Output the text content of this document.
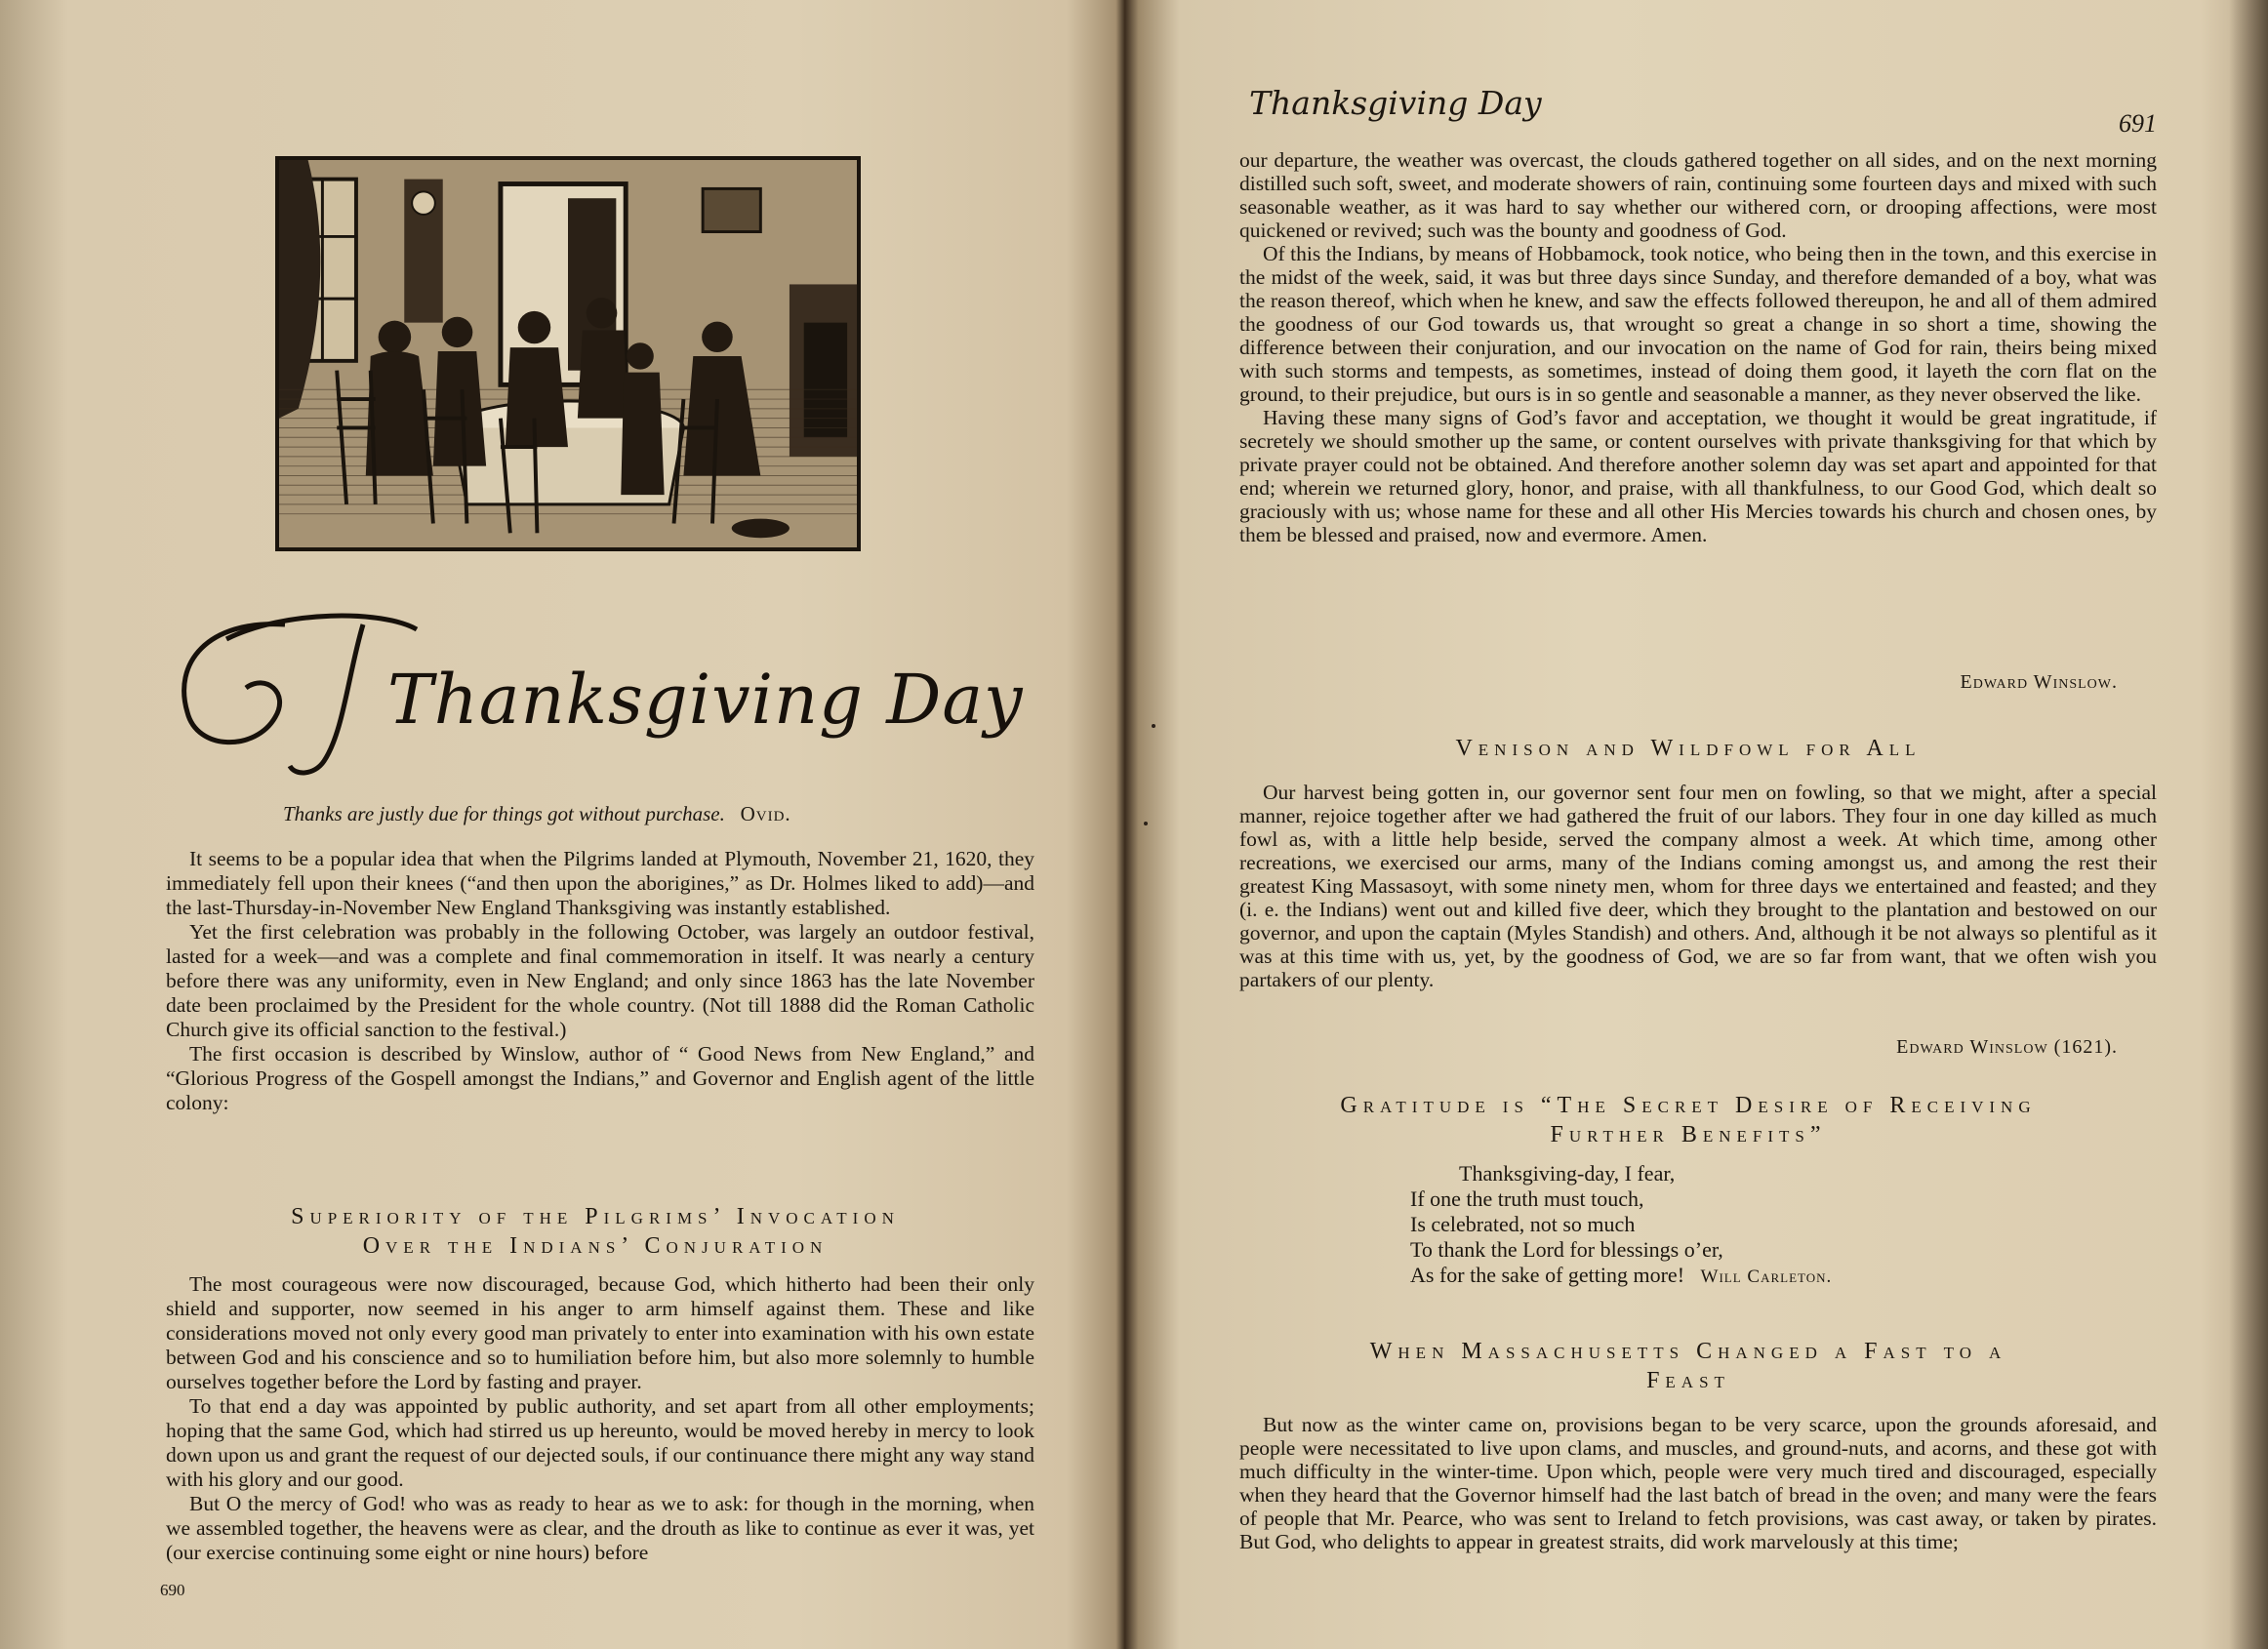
Thanksgiving Day
Thanks are justly due for things got without purchase. Ovid.

It seems to be a popular idea that when the Pilgrims landed at Plymouth, November 21, 1620, they immediately fell upon their knees (“and then upon the aborigines,” as Dr. Holmes liked to add)—and the last-Thursday-in-November New England Thanksgiving was instantly established.

Yet the first celebration was probably in the following October, was largely an outdoor festival, lasted for a week—and was a complete and final commemoration in itself. It was nearly a century before there was any uniformity, even in New England; and only since 1863 has the late November date been proclaimed by the President for the whole country. (Not till 1888 did the Roman Catholic Church give its official sanction to the festival.)

The first occasion is described by Winslow, author of “ Good News from New England,” and “Glorious Progress of the Gospell amongst the Indians,” and Governor and English agent of the little colony:

Superiority of the Pilgrims’ Invocation
Over the Indians’ Conjuration

The most courageous were now discouraged, because God, which hitherto had been their only shield and supporter, now seemed in his anger to arm himself against them. These and like considerations moved not only every good man privately to enter into examination with his own estate between God and his conscience and so to humiliation before him, but also more solemnly to humble ourselves together before the Lord by fasting and prayer.

To that end a day was appointed by public authority, and set apart from all other employments; hoping that the same God, which had stirred us up hereunto, would be moved hereby in mercy to look down upon us and grant the request of our dejected souls, if our continuance there might any way stand with his glory and our good.

But O the mercy of God! who was as ready to hear as we to ask: for though in the morning, when we assembled together, the heavens were as clear, and the drouth as like to continue as ever it was, yet (our exercise continuing some eight or nine hours) before

690
Thanksgiving Day
691

our departure, the weather was overcast, the clouds gathered together on all sides, and on the next morning distilled such soft, sweet, and moderate showers of rain, continuing some fourteen days and mixed with such seasonable weather, as it was hard to say whether our withered corn, or drooping affections, were most quickened or revived; such was the bounty and goodness of God.

Of this the Indians, by means of Hobbamock, took notice, who being then in the town, and this exercise in the midst of the week, said, it was but three days since Sunday, and therefore demanded of a boy, what was the reason thereof, which when he knew, and saw the effects followed thereupon, he and all of them admired the goodness of our God towards us, that wrought so great a change in so short a time, showing the difference between their conjuration, and our invocation on the name of God for rain, theirs being mixed with such storms and tempests, as sometimes, instead of doing them good, it layeth the corn flat on the ground, to their prejudice, but ours is in so gentle and seasonable a manner, as they never observed the like.

Having these many signs of God’s favor and acceptation, we thought it would be great ingratitude, if secretely we should smother up the same, or content ourselves with private thanksgiving for that which by private prayer could not be obtained. And therefore another solemn day was set apart and appointed for that end; wherein we returned glory, honor, and praise, with all thankfulness, to our Good God, which dealt so graciously with us; whose name for these and all other His Mercies towards his church and chosen ones, by them be blessed and praised, now and evermore. Amen.

Edward Winslow.
Venison and Wildfowl for All

Our harvest being gotten in, our governor sent four men on fowling, so that we might, after a special manner, rejoice together after we had gathered the fruit of our labors. They four in one day killed as much fowl as, with a little help beside, served the company almost a week. At which time, among other recreations, we exercised our arms, many of the Indians coming amongst us, and among the rest their greatest King Massasoyt, with some ninety men, whom for three days we entertained and feasted; and they (i. e. the Indians) went out and killed five deer, which they brought to the plantation and bestowed on our governor, and upon the captain (Myles Standish) and others. And, although it be not always so plentiful as it was at this time with us, yet, by the goodness of God, we are so far from want, that we often wish you partakers of our plenty.

Edward Winslow (1621).
Gratitude is “The Secret Desire of Receiving
Further Benefits”
Thanksgiving-day, I fear,
If one the truth must touch,
Is celebrated, not so much
To thank the Lord for blessings o’er,
As for the sake of getting more! Will Carleton.
When Massachusetts Changed a Fast to a
Feast

But now as the winter came on, provisions began to be very scarce, upon the grounds aforesaid, and people were necessitated to live upon clams, and muscles, and ground-nuts, and acorns, and these got with much difficulty in the winter-time. Upon which, people were very much tired and discouraged, especially when they heard that the Governor himself had the last batch of bread in the oven; and many were the fears of people that Mr. Pearce, who was sent to Ireland to fetch provisions, was cast away, or taken by pirates. But God, who delights to appear in greatest straits, did work marvelously at this time;
